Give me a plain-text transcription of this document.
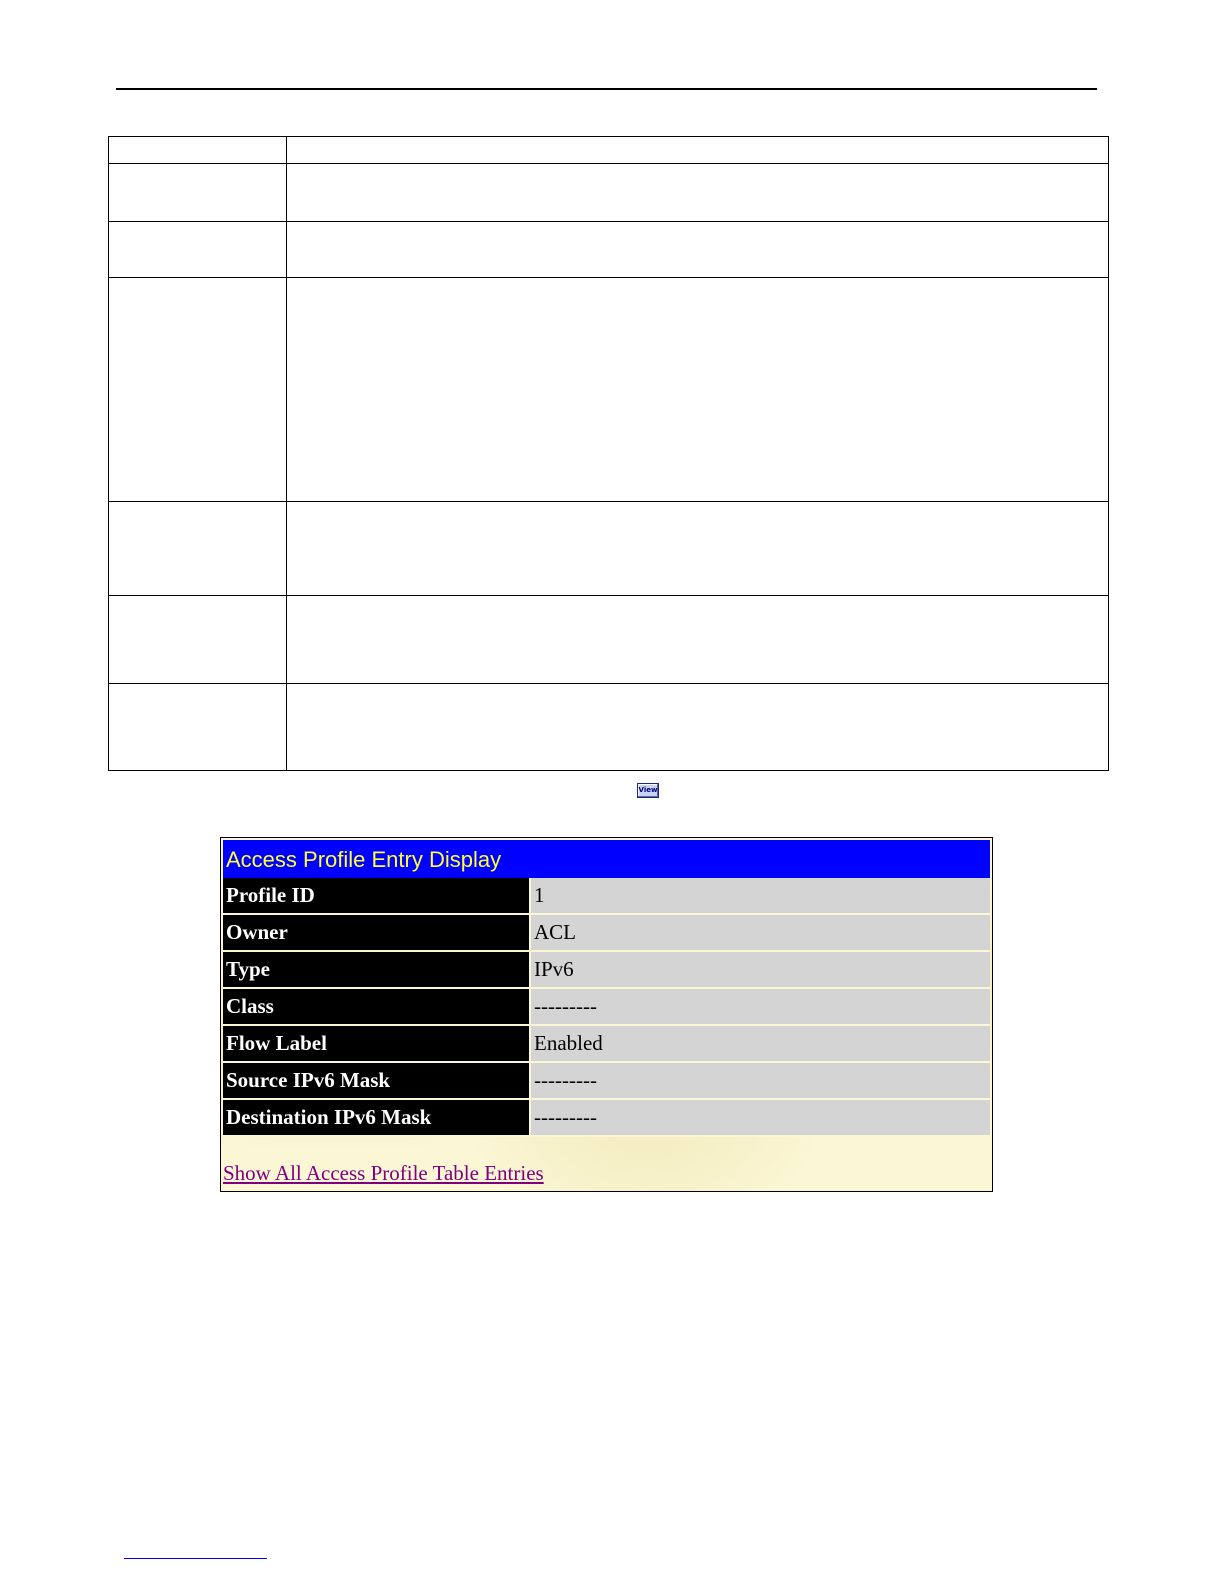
View
Access Profile Entry Display
Profile ID	1
Owner	ACL
Type	IPv6
Class	---------
Flow Label	Enabled
Source IPv6 Mask	---------
Destination IPv6 Mask	---------
Show All Access Profile Table Entries
